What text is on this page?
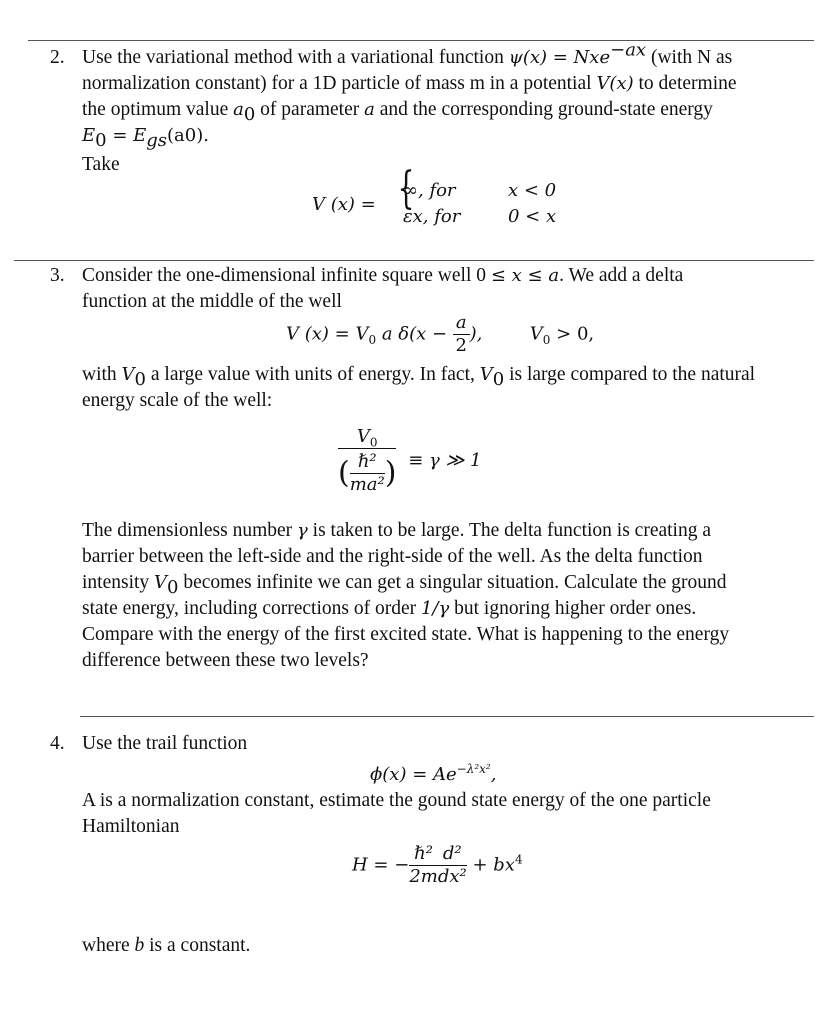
2. Use the variational method with a variational function ψ(x) = Nxe$^{-ax}$ (with N as
normalization constant) for a 1D particle of mass m in a potential V(x) to determine
the optimum value $a_0$ of parameter a and the corresponding ground-state energy
$E_0 = E_{gs}(a0)$.
Take
V (x) = {
∞, for	x < 0
εx, for	0 < x
3. Consider the one-dimensional infinite square well 0 ≤ x ≤ a. We add a delta
function at the middle of the well
V $(x) = V_0$ a $\delta(x - \frac{a}{2}$ ),	$V_0 > 0$,
with $V_0$ a large value with units of energy. In fact, $V_0$ is large compared to the natural
energy scale of the well:
$\frac{V_0}{( \frac{\text{ℏ²}}{\text{ma²}} )} \equiv \gamma$ ≫ 1
The dimensionless number γ is taken to be large. The delta function is creating a
barrier between the left-side and the right-side of the well. As the delta function
intensity $V_0$ becomes infinite we can get a singular situation. Calculate the ground
state energy, including corrections of order 1/γ but ignoring higher order ones.
Compare with the energy of the first excited state. What is happening to the energy
difference between these two levels?
4. Use the trail function
$\phi(x) = Ae^{-\lambda^2x^2}$,
A is a normalization constant, estimate the gound state energy of the one particle
Hamiltonian
H = − $\frac{\text{ℏ²}}{2m} \frac{\text{d²}}{\text{dx²}} + bx^4$
where b is a constant.
